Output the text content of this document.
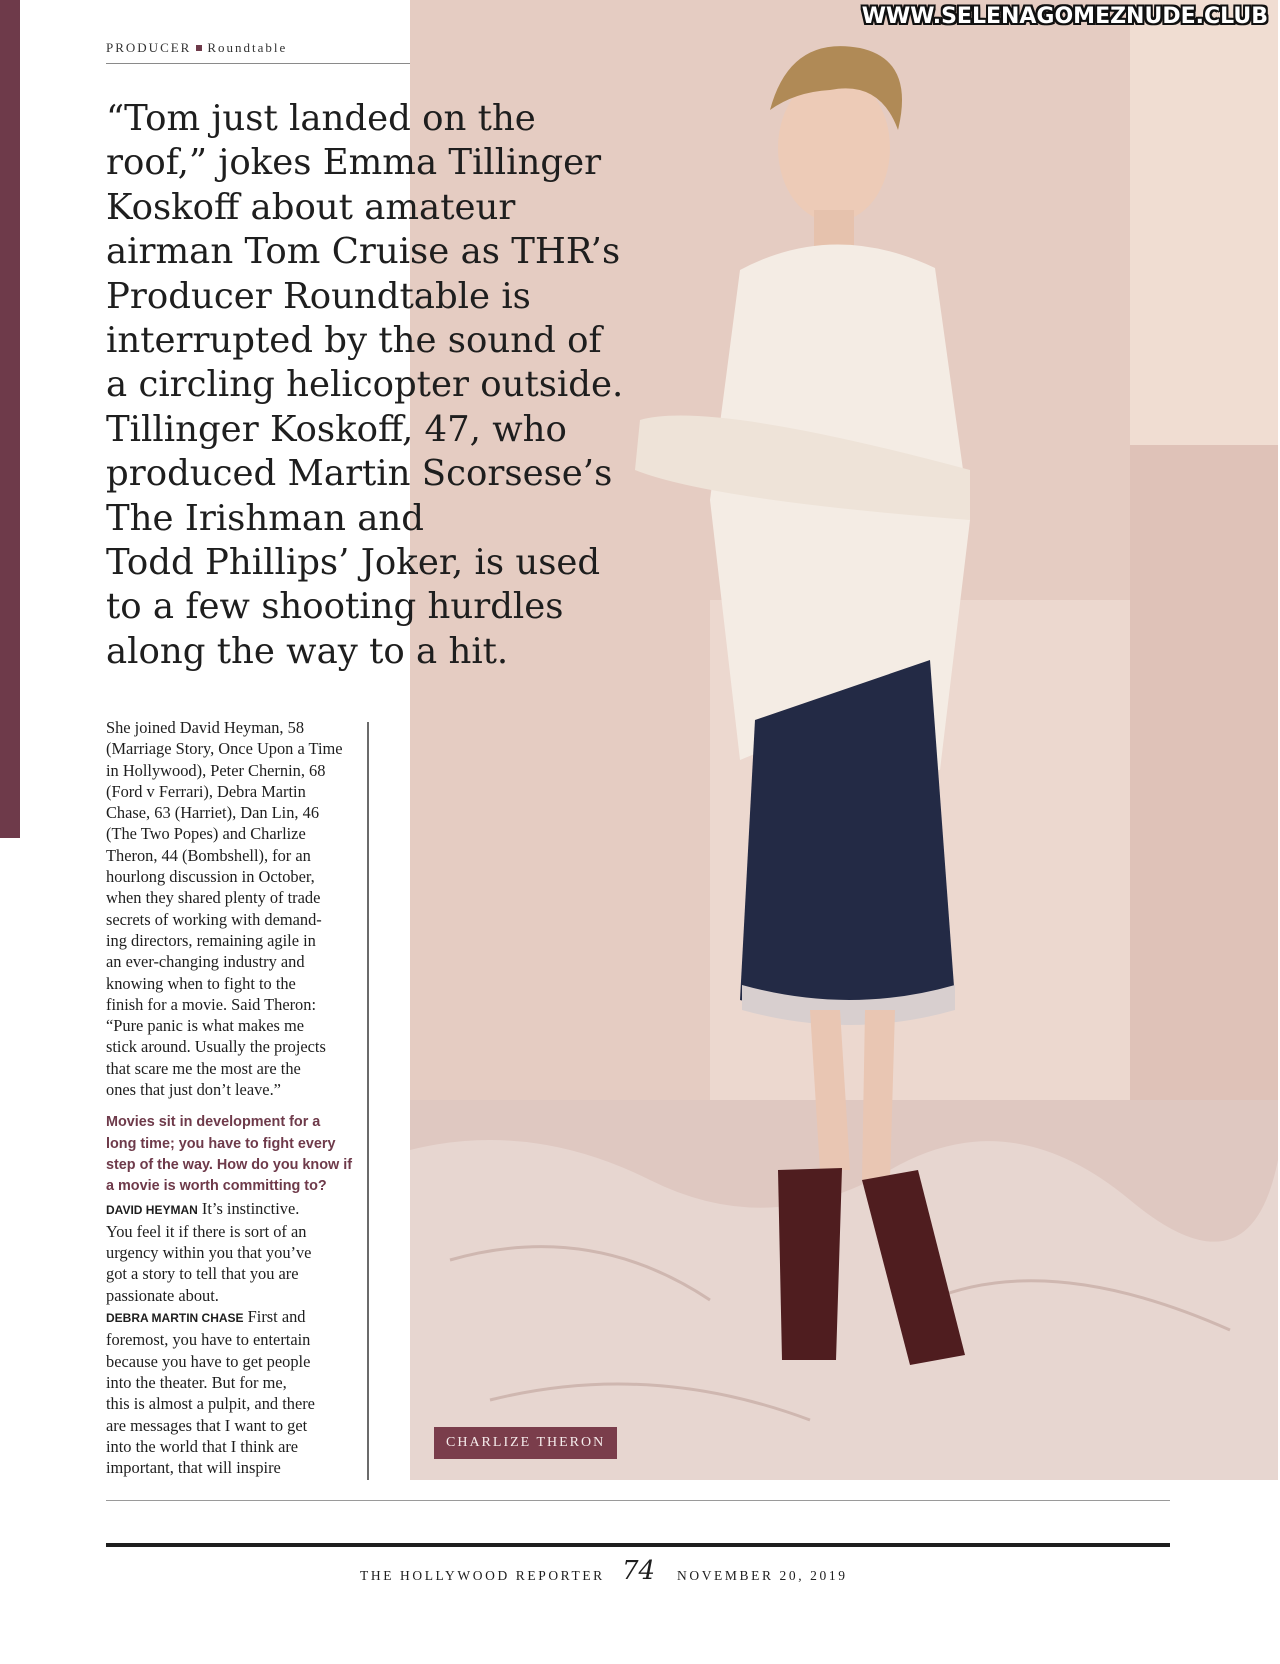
PRODUCER Roundtable
WWW.SELENAGOMEZNUDE.CLUB

“Tom just landed on the
roof,” jokes Emma Tillinger
Koskoff about amateur
airman Tom Cruise as THR’s
Producer Roundtable is
interrupted by the sound of
a circling helicopter outside.
Tillinger Koskoff, 47, who
produced Martin Scorsese’s
The Irishman and
Todd Phillips’ Joker, is used
to a few shooting hurdles
along the way to a hit.

She joined David Heyman, 58
(Marriage Story, Once Upon a Time
in Hollywood), Peter Chernin, 68
(Ford v Ferrari), Debra Martin
Chase, 63 (Harriet), Dan Lin, 46
(The Two Popes) and Charlize
Theron, 44 (Bombshell), for an
hourlong discussion in October,
when they shared plenty of trade
secrets of working with demand-
ing directors, remaining agile in
an ever-changing industry and
knowing when to fight to the
finish for a movie. Said Theron:
“Pure panic is what makes me
stick around. Usually the projects
that scare me the most are the
ones that just don’t leave.”
Movies sit in development for a
long time; you have to fight every
step of the way. How do you know if
a movie is worth committing to?
DAVID HEYMAN It’s instinctive.
You feel it if there is sort of an
urgency within you that you’ve
got a story to tell that you are
passionate about.
DEBRA MARTIN CHASE First and
foremost, you have to entertain
because you have to get people
into the theater. But for me,
this is almost a pulpit, and there
are messages that I want to get
into the world that I think are
important, that will inspire
CHARLIZE THERON
THE HOLLYWOOD REPORTER 74 NOVEMBER 20, 2019
